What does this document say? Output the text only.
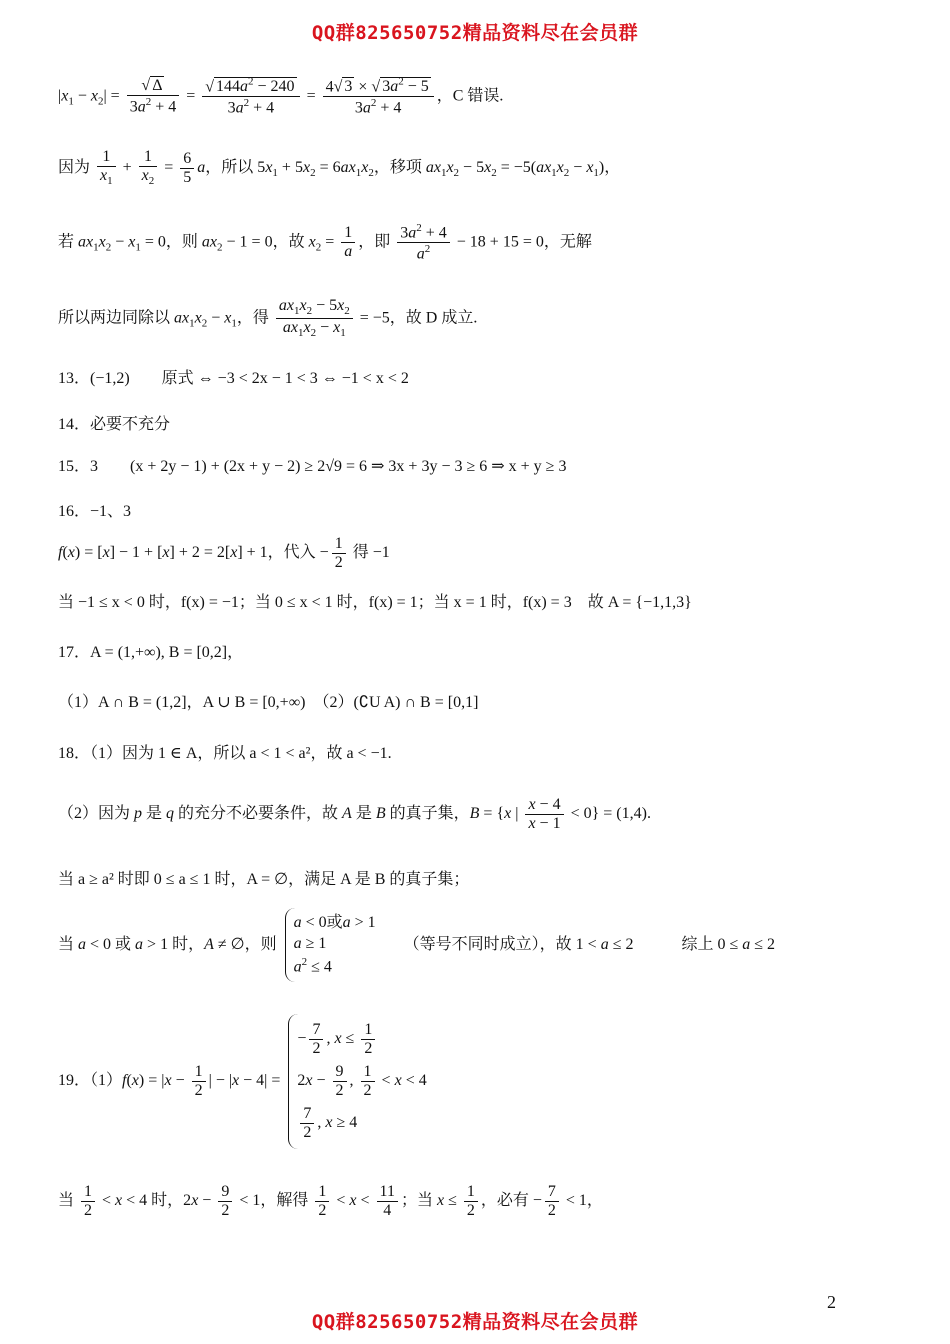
QQ群825650752精品资料尽在会员群
$|x_1 - x_2| = \frac{√ \Delta}{3a^2 + 4} = \frac{√ 144a^2 - 240}{3a^2 + 4} = \frac{4√ 3 \times √ 3a^2 - 5}{3a^2 + 4}$ ，C 错误.
因为 $\frac{1}{x_1} + \frac{1}{x_2} = \frac{6}{5}$ a，所以 $5x_1 + 5x_2 = 6ax_1x_2$，移项 $ax_1x_2 - 5x_2 = -5(ax_1x_2 - x_1)$，
若 $ax_1x_2 - x_1 = 0$，则 $ax_2 - 1 = 0$，故 $x_2 = \frac{1}{a}$ ，即 $\frac{3a^2 + 4}{a^2} - 18 + 15 = 0$，无解
所以两边同除以 $ax_1x_2 - x_1$，得 $\frac{ax_1x_2 - 5x_2}{ax_1x_2 - x_1} = -5$，故 D 成立.
13．(−1,2)　　原式 ⇔ −3 < 2x − 1 < 3 ⇔ −1 < x < 2
14．必要不充分
15．3　　(x + 2y − 1) + (2x + y − 2) ≥ 2√9 = 6 ⇒ 3x + 3y − 3 ≥ 6 ⇒ x + y ≥ 3
16．−1、3
f(x) = [x] − 1 + [x] + 2 = 2[x] + 1，代入 − $\frac{1}{2}$ 得 −1
当 −1 ≤ x < 0 时，f(x) = −1；当 0 ≤ x < 1 时，f(x) = 1；当 x = 1 时，f(x) = 3　故 A = {−1,1,3}
17．A = (1,+∞), B = [0,2]，
（1）A ∩ B = (1,2]，A ∪ B = [0,+∞)　（2）(∁U A) ∩ B = [0,1]
18．（1）因为 1 ∈ A，所以 a < 1 < a²，故 a < −1.
（2）因为 p 是 q 的充分不必要条件，故 A 是 B 的真子集，B = {x | $\frac{x - 4}{x - 1} < 0\} = (1,4)$.
当 a ≥ a² 时即 0 ≤ a ≤ 1 时，A = ∅，满足 A 是 B 的真子集；
当 a < 0 或 a > 1 时，A ≠ ∅，则
a < 0或a > 1
a ≥ 1
$a^2 \le 4$
　　（等号不同时成立），故 1 < a ≤ 2　　　综上 0 ≤ a ≤ 2
19．$(1)f(x) = |x - \frac{1}{2}$ | − |x − 4| =
− $\frac{7}{2}$ , $x \le \frac{1}{2}$
$2x - \frac{9}{2}$ , $\frac{1}{2} < x < 4$
$\frac{7}{2}$ , x ≥ 4
当 $\frac{1}{2} < x < 4$ 时，$2x - \frac{9}{2} < 1$，解得 $\frac{1}{2} < x < \frac{11}{4}$ ；当 $x \le \frac{1}{2}$ ，必有 − $\frac{7}{2} < 1$，
2
QQ群825650752精品资料尽在会员群
